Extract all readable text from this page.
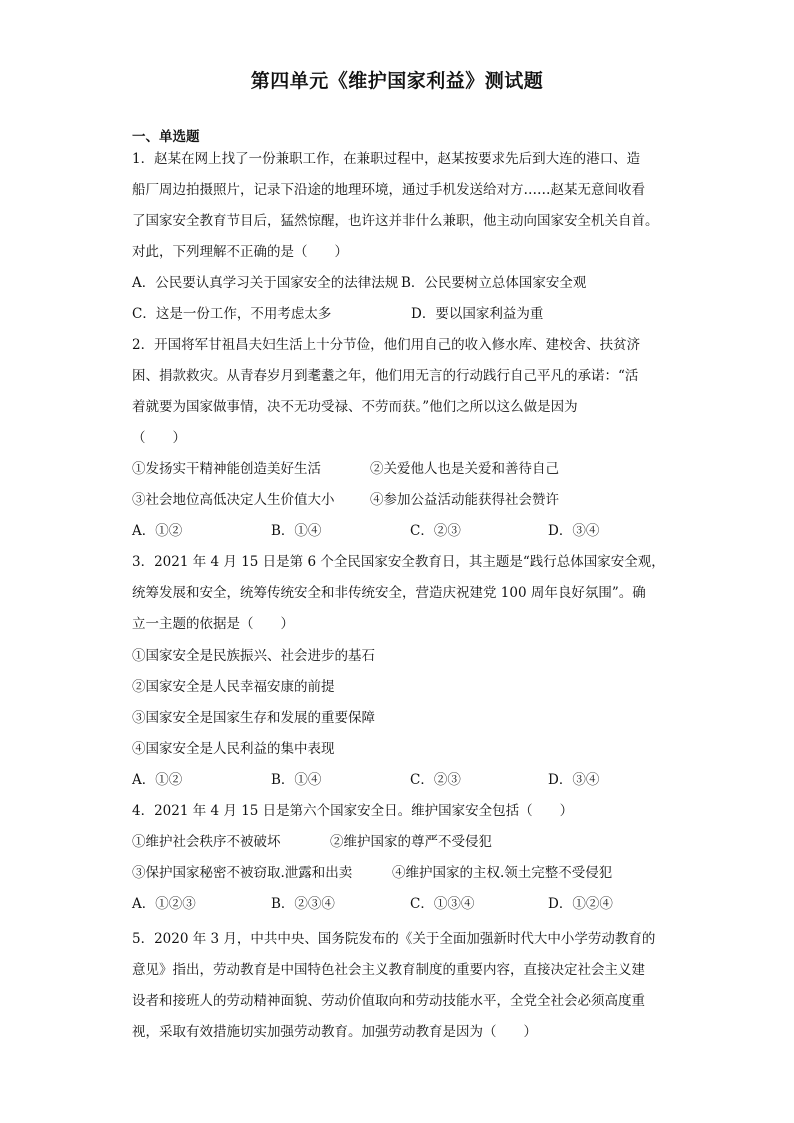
第四单元《维护国家利益》测试题
一、单选题
1．赵某在网上找了一份兼职工作，在兼职过程中，赵某按要求先后到大连的港口、造
船厂周边拍摄照片，记录下沿途的地理环境，通过手机发送给对方……赵某无意间收看
了国家安全教育节目后，猛然惊醒，也许这并非什么兼职，他主动向国家安全机关自首。
对此，下列理解不正确的是（　　）
A．公民要认真学习关于国家安全的法律法规 B．公民要树立总体国家安全观
C．这是一份工作，不用考虑太多	D．要以国家利益为重
2．开国将军甘祖昌夫妇生活上十分节俭，他们用自己的收入修水库、建校舍、扶贫济
困、捐款救灾。从青春岁月到耄耋之年，他们用无言的行动践行自己平凡的承诺：“活
着就要为国家做事情，决不无功受禄、不劳而获。”他们之所以这么做是因为
（　　）
①发扬实干精神能创造美好生活	②关爱他人也是关爱和善待自己
③社会地位高低决定人生价值大小	④参加公益活动能获得社会赞许
A．①②	B．①④	C．②③	D．③④
3．2021 年 4 月 15 日是第 6 个全民国家安全教育日，其主题是“践行总体国家安全观，
统筹发展和安全，统筹传统安全和非传统安全，营造庆祝建党 100 周年良好氛围”。确
立一主题的依据是（　　）
①国家安全是民族振兴、社会进步的基石
②国家安全是人民幸福安康的前提
③国家安全是国家生存和发展的重要保障
④国家安全是人民利益的集中表现
A．①②	B．①④	C．②③	D．③④
4．2021 年 4 月 15 日是第六个国家安全日。维护国家安全包括（　　）
①维护社会秩序不被破坏	②维护国家的尊严不受侵犯
③保护国家秘密不被窃取.泄露和出卖	④维护国家的主权.领土完整不受侵犯
A．①②③	B．②③④	C．①③④	D．①②④
5．2020 年 3 月，中共中央、国务院发布的《关于全面加强新时代大中小学劳动教育的
意见》指出，劳动教育是中国特色社会主义教育制度的重要内容，直接决定社会主义建
设者和接班人的劳动精神面貌、劳动价值取向和劳动技能水平，全党全社会必须高度重
视，采取有效措施切实加强劳动教育。加强劳动教育是因为（　　）
